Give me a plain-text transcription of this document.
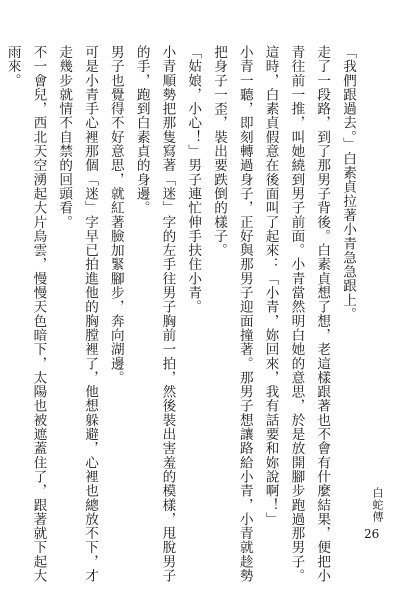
「我們跟過去。」白素貞拉著小青急急跟上。

走了一段路，到了那男子背後。白素貞想了想，老這樣跟著也不會有什麼結果，便把小

青往前一推，叫她繞到男子前面。小青當然明白她的意思，於是放開腳步跑過那男子。

這時，白素貞假意在後面叫了起來：「小青，妳回來，我有話要和妳說啊！」

小青一聽，即刻轉過身子，正好與那男子迎面撞著。那男子想讓路給小青，小青就趁勢

把身子一歪，裝出要跌倒的樣子。

「姑娘，小心！」男子連忙伸手扶住小青。

小青順勢把那隻寫著「迷」字的左手往男子胸前一拍，然後裝出害羞的模樣，甩脫男子

的手，跑到白素貞的身邊。

男子也覺得不好意思，就紅著臉加緊腳步，奔向湖邊。

可是小青手心裡那個「迷」字早已拍進他的胸膛裡了，他想躲避，心裡也總放不下，才

走幾步就情不自禁的回頭看。

不一會兒，西北天空湧起大片烏雲，慢慢天色暗下，太陽也被遮蓋住了，跟著就下起大

雨來。

白蛇傳
26
